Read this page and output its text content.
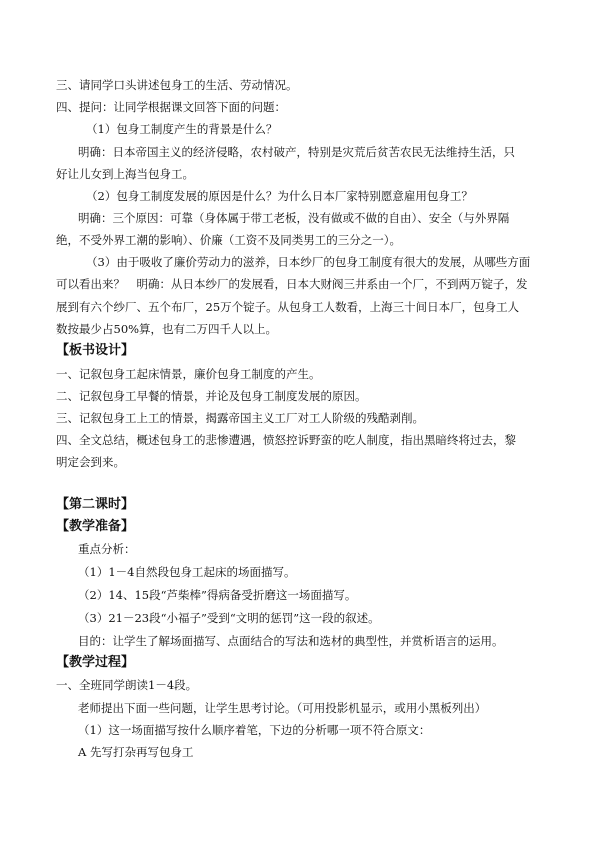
三、请同学口头讲述包身工的生活、劳动情况。
四、提问：让同学根据课文回答下面的问题：
（1）包身工制度产生的背景是什么？
明确：日本帝国主义的经济侵略，农村破产，特别是灾荒后贫苦农民无法维持生活，只
好让儿女到上海当包身工。
（2）包身工制度发展的原因是什么？为什么日本厂家特别愿意雇用包身工？
明确：三个原因：可靠（身体属于带工老板，没有做或不做的自由）、安全（与外界隔
绝，不受外界工潮的影响）、价廉（工资不及同类男工的三分之一）。
（3）由于吸收了廉价劳动力的滋养，日本纱厂的包身工制度有很大的发展，从哪些方面
可以看出来？　明确：从日本纱厂的发展看，日本大财阀三井系由一个厂，不到两万锭子，发
展到有六个纱厂、五个布厂，25万个锭子。从包身工人数看，上海三十间日本厂，包身工人
数按最少占50%算，也有二万四千人以上。
【板书设计】
一、记叙包身工起床情景，廉价包身工制度的产生。
二、记叙包身工早餐的情景，并论及包身工制度发展的原因。
三、记叙包身工上工的情景，揭露帝国主义工厂对工人阶级的残酷剥削。
四、全文总结，概述包身工的悲惨遭遇，愤怒控诉野蛮的吃人制度，指出黑暗终将过去，黎
明定会到来。
【第二课时】
【教学准备】
重点分析：
（1）1－4自然段包身工起床的场面描写。
（2）14、15段“芦柴棒”得病备受折磨这一场面描写。
（3）21－23段“小福子”受到“文明的惩罚”这一段的叙述。
目的：让学生了解场面描写、点面结合的写法和选材的典型性，并赏析语言的运用。
【教学过程】
一、全班同学朗读1－4段。
老师提出下面一些问题，让学生思考讨论。（可用投影机显示，或用小黑板列出）
（1）这一场面描写按什么顺序着笔，下边的分析哪一项不符合原文：
A 先写打杂再写包身工
